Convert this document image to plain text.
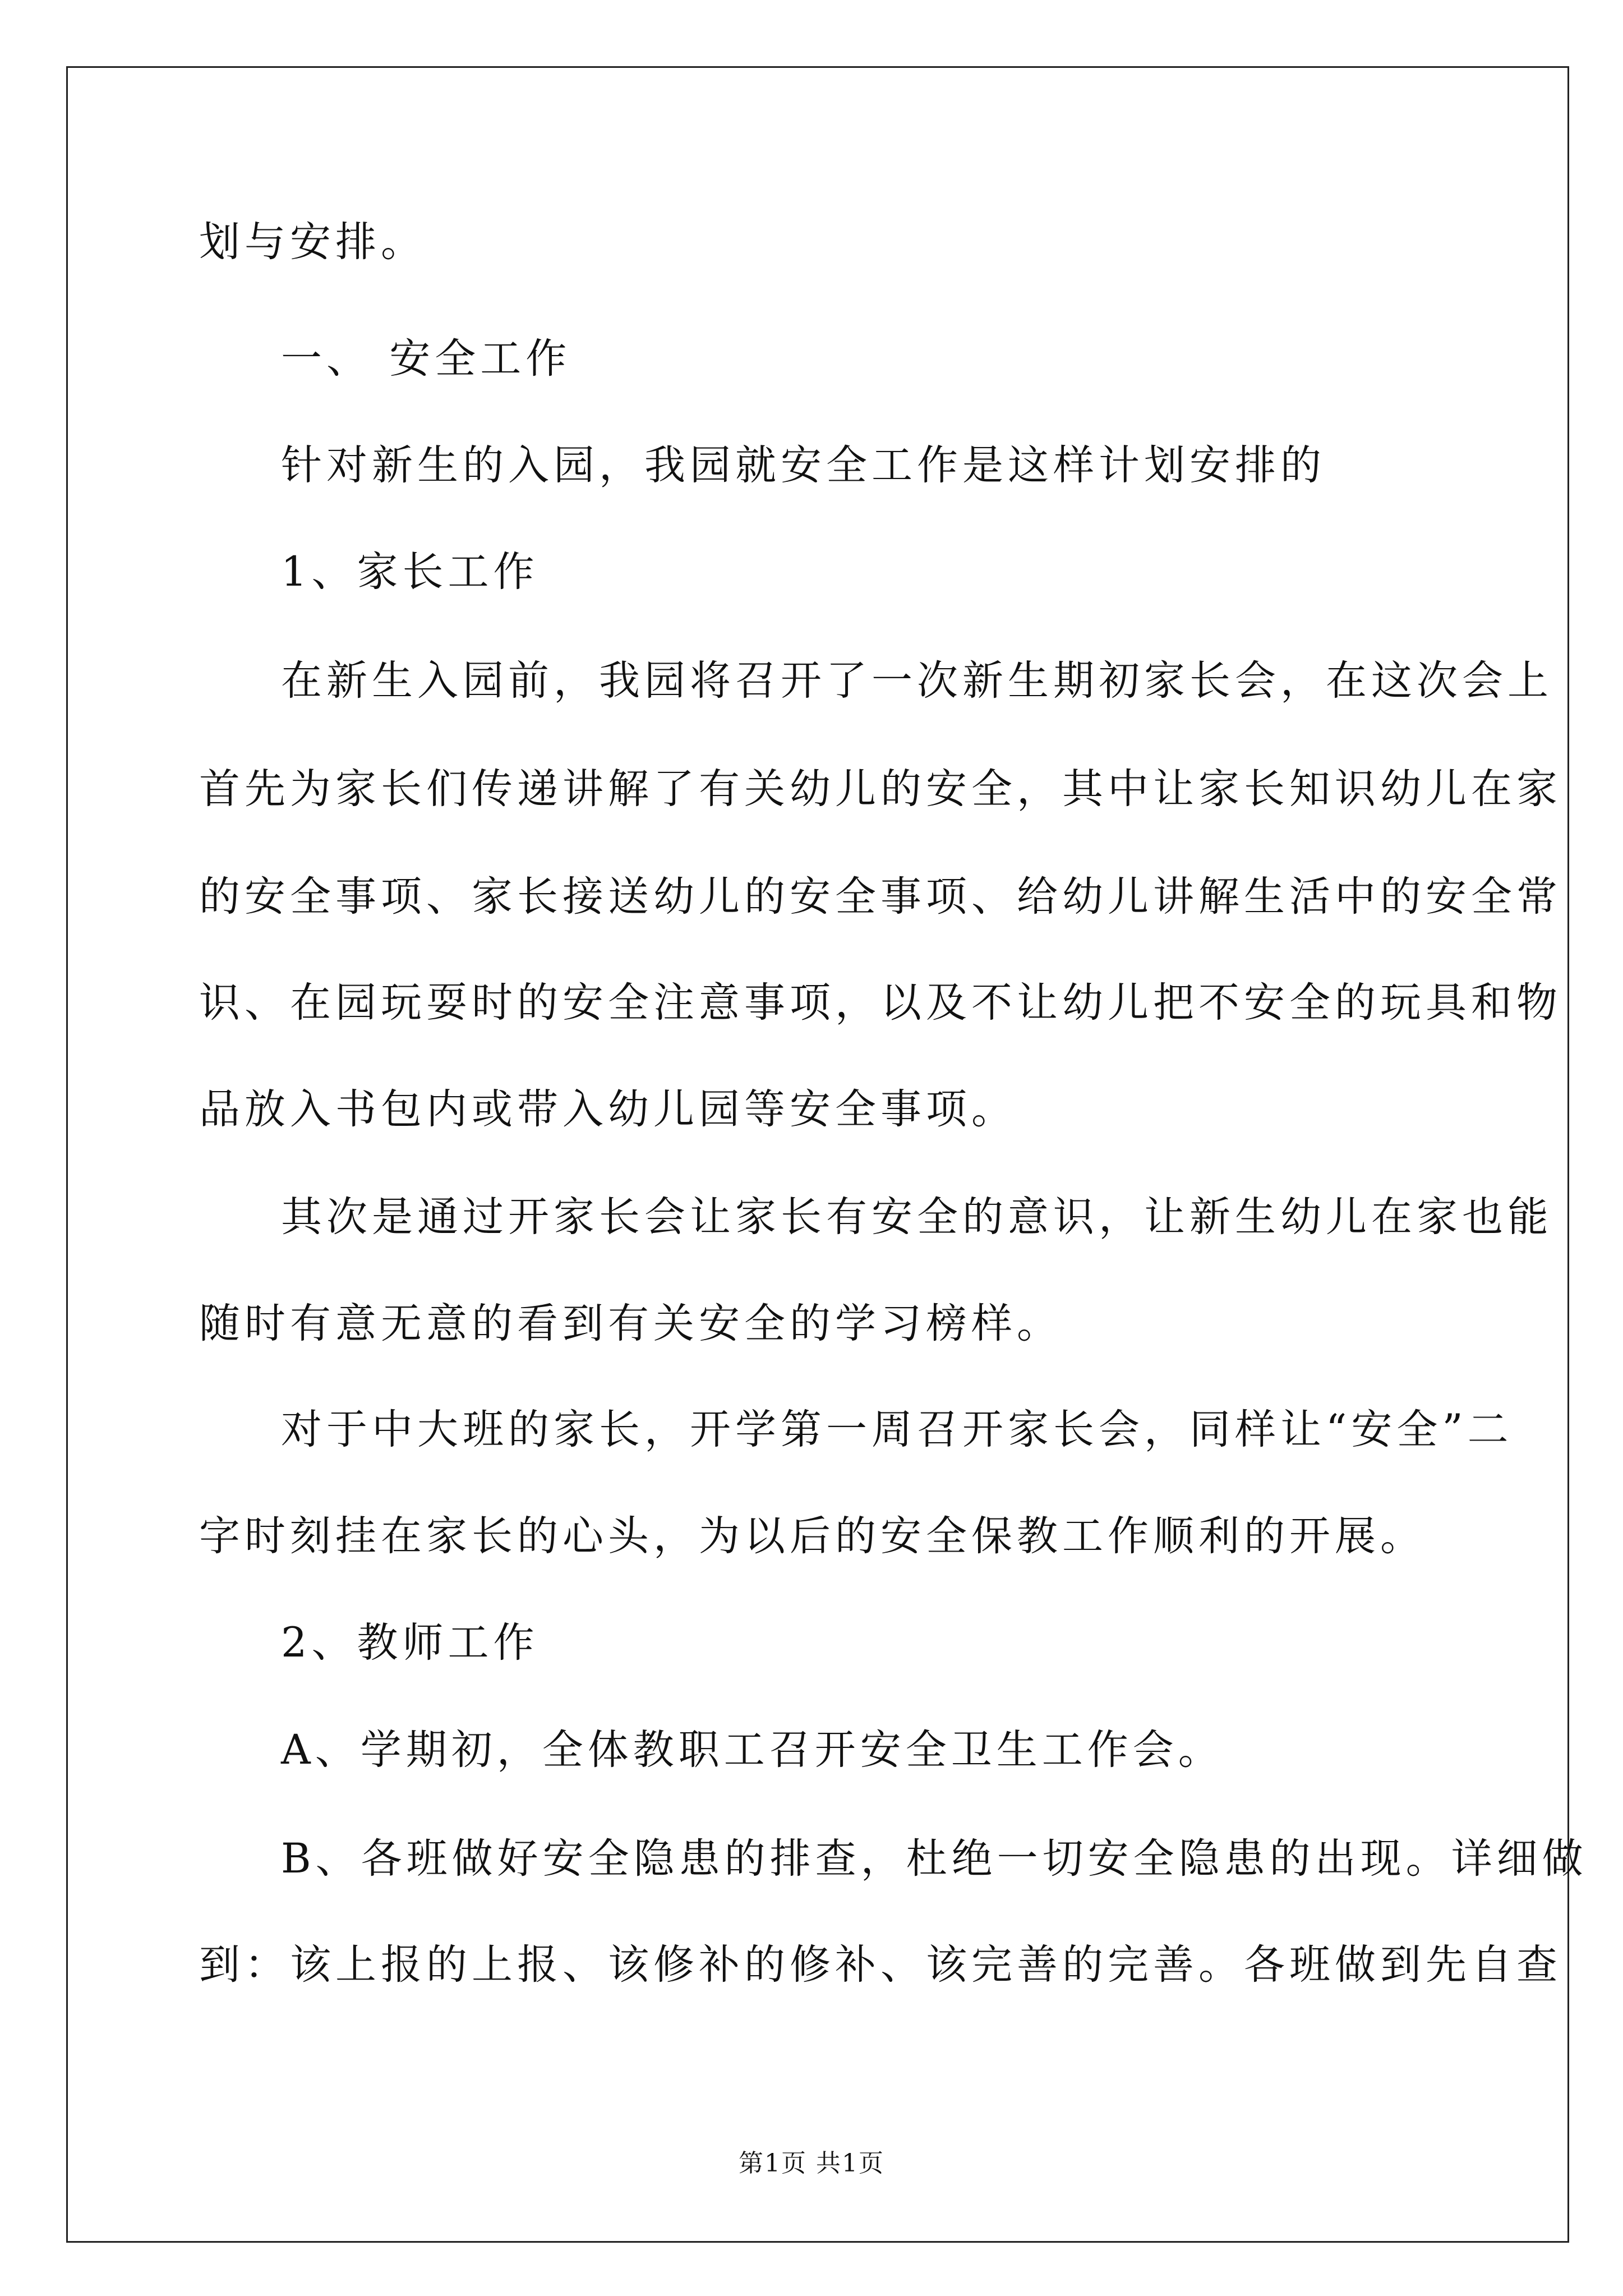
划与安排。
一、 安全工作
针对新生的入园，我园就安全工作是这样计划安排的
1、家长工作
在新生入园前，我园将召开了一次新生期初家长会，在这次会上
首先为家长们传递讲解了有关幼儿的安全，其中让家长知识幼儿在家
的安全事项、家长接送幼儿的安全事项、给幼儿讲解生活中的安全常
识、在园玩耍时的安全注意事项，以及不让幼儿把不安全的玩具和物
品放入书包内或带入幼儿园等安全事项。
其次是通过开家长会让家长有安全的意识，让新生幼儿在家也能
随时有意无意的看到有关安全的学习榜样。
对于中大班的家长，开学第一周召开家长会，同样让“安全”二
字时刻挂在家长的心头，为以后的安全保教工作顺利的开展。
2、教师工作
A、学期初，全体教职工召开安全卫生工作会。
B、各班做好安全隐患的排查，杜绝一切安全隐患的出现。详细做
到：该上报的上报、该修补的修补、该完善的完善。各班做到先自查
第1页 共1页
